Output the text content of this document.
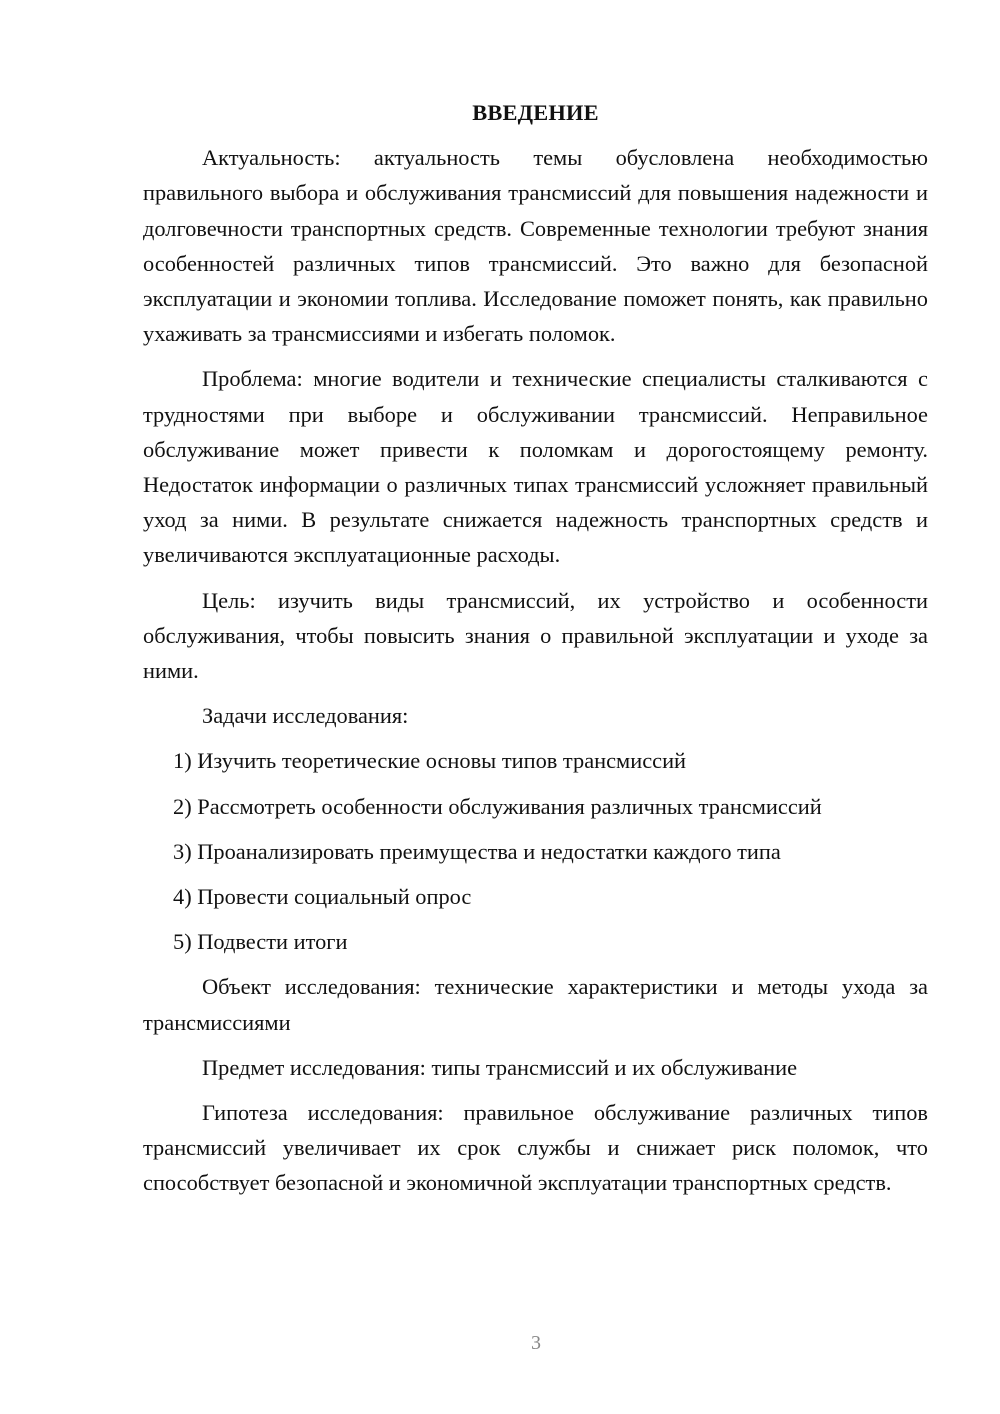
ВВЕДЕНИЕ

Актуальность: актуальность темы обусловлена необходимостью правильного выбора и обслуживания трансмиссий для повышения надежности и долговечности транспортных средств. Современные технологии требуют знания особенностей различных типов трансмиссий. Это важно для безопасной эксплуатации и экономии топлива. Исследование поможет понять, как правильно ухаживать за трансмиссиями и избегать поломок.

Проблема: многие водители и технические специалисты сталкиваются с трудностями при выборе и обслуживании трансмиссий. Неправильное обслуживание может привести к поломкам и дорогостоящему ремонту. Недостаток информации о различных типах трансмиссий усложняет правильный уход за ними. В результате снижается надежность транспортных средств и увеличиваются эксплуатационные расходы.

Цель: изучить виды трансмиссий, их устройство и особенности обслуживания, чтобы повысить знания о правильной эксплуатации и уходе за ними.

Задачи исследования:

1) Изучить теоретические основы типов трансмиссий
2) Рассмотреть особенности обслуживания различных трансмиссий
3) Проанализировать преимущества и недостатки каждого типа
4) Провести социальный опрос
5) Подвести итоги

Объект исследования: технические характеристики и методы ухода за трансмиссиями

Предмет исследования: типы трансмиссий и их обслуживание

Гипотеза исследования: правильное обслуживание различных типов трансмиссий увеличивает их срок службы и снижает риск поломок, что способствует безопасной и экономичной эксплуатации транспортных средств.

3
